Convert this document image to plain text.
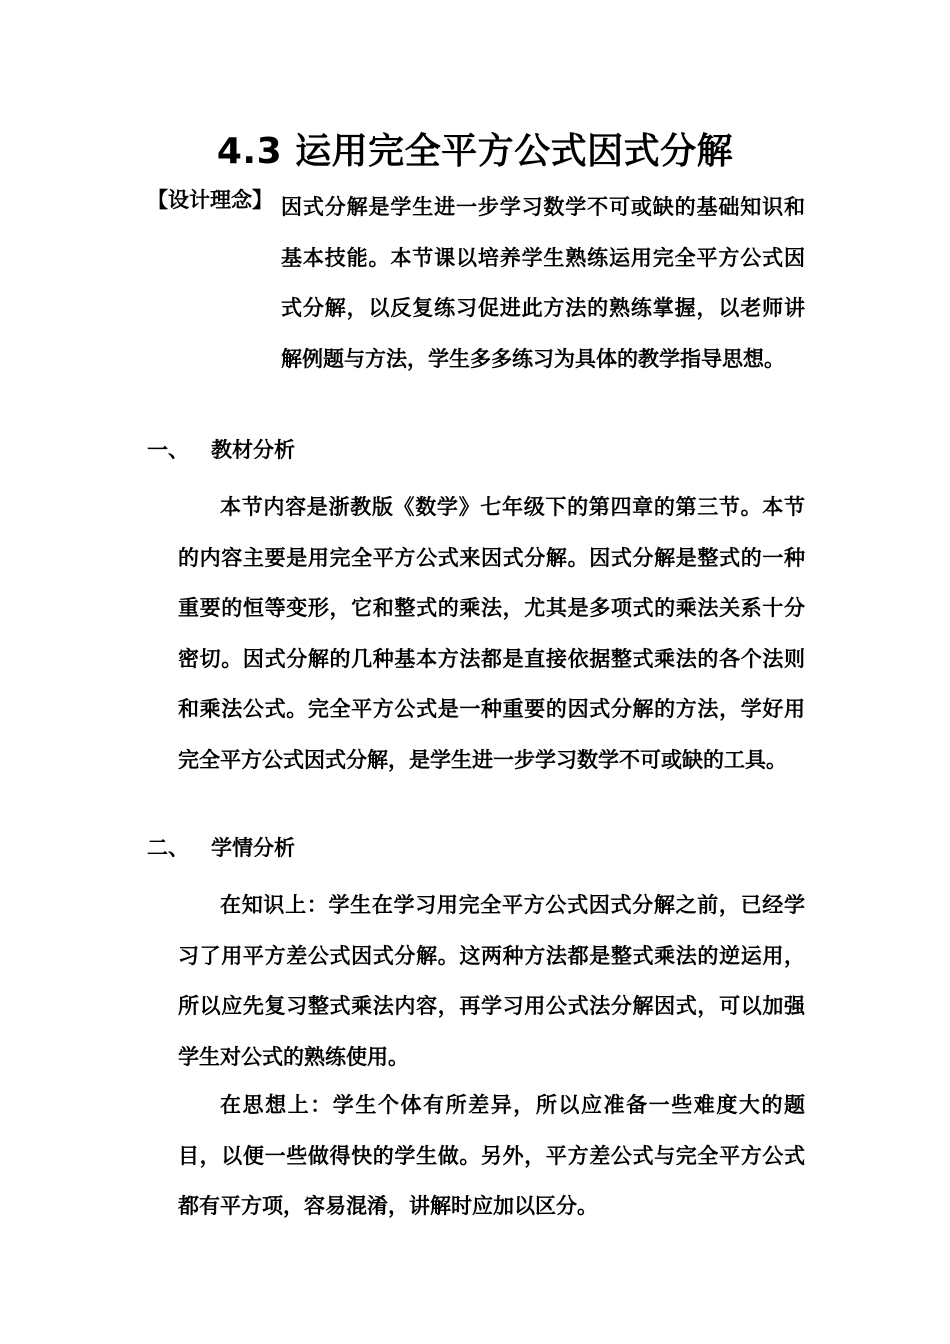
4.3 运用完全平方公式因式分解
【设计理念】 因式分解是学生进一步学习数学不可或缺的基础知识和基本技能。本节课以培养学生熟练运用完全平方公式因式分解，以反复练习促进此方法的熟练掌握，以老师讲解例题与方法，学生多多练习为具体的教学指导思想。
一、 教材分析
本节内容是浙教版《数学》七年级下的第四章的第三节。本节的内容主要是用完全平方公式来因式分解。因式分解是整式的一种重要的恒等变形，它和整式的乘法，尤其是多项式的乘法关系十分密切。因式分解的几种基本方法都是直接依据整式乘法的各个法则和乘法公式。完全平方公式是一种重要的因式分解的方法，学好用完全平方公式因式分解，是学生进一步学习数学不可或缺的工具。
二、 学情分析
在知识上：学生在学习用完全平方公式因式分解之前，已经学习了用平方差公式因式分解。这两种方法都是整式乘法的逆运用，所以应先复习整式乘法内容，再学习用公式法分解因式，可以加强学生对公式的熟练使用。
在思想上：学生个体有所差异，所以应准备一些难度大的题目，以便一些做得快的学生做。另外，平方差公式与完全平方公式都有平方项，容易混淆，讲解时应加以区分。
